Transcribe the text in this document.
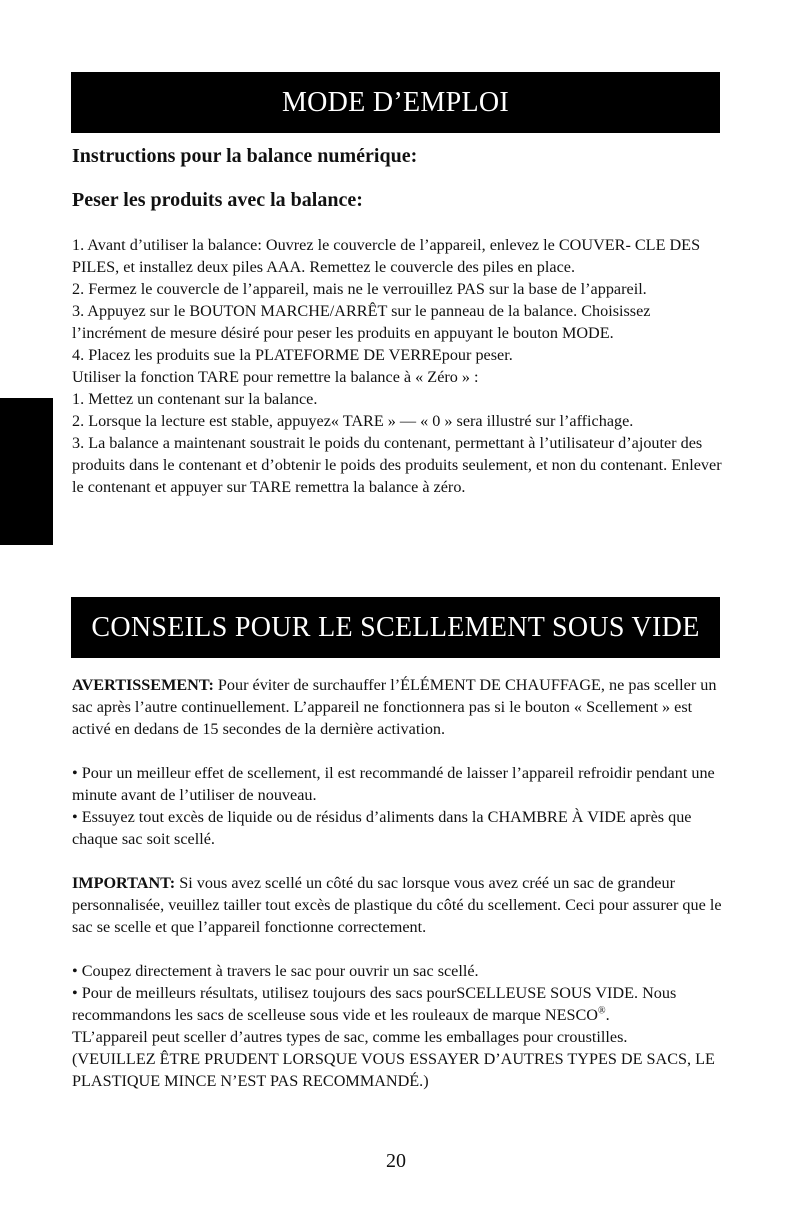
MODE D’EMPLOI
Instructions pour la balance numérique:
Peser les produits avec la balance:

1. Avant d’utiliser la balance: Ouvrez le couvercle de l’appareil, enlevez le COUVER- CLE DES PILES, et installez deux piles AAA. Remettez le couvercle des piles en place.

2. Fermez le couvercle de l’appareil, mais ne le verrouillez PAS sur la base de l’appareil.

3. Appuyez sur le BOUTON MARCHE/ARRÊT sur le panneau de la balance. Choisissez l’incrément de mesure désiré pour peser les produits en appuyant le bouton MODE.

4. Placez les produits sue la PLATEFORME DE VERREpour peser.

Utiliser la fonction TARE pour remettre la balance à « Zéro » :

1. Mettez un contenant sur la balance.

2. Lorsque la lecture est stable, appuyez« TARE » — « 0 » sera illustré sur l’affichage.

3. La balance a maintenant soustrait le poids du contenant, permettant à l’utilisateur d’ajouter des produits dans le contenant et d’obtenir le poids des produits seulement, et non du contenant. Enlever le contenant et appuyer sur TARE remettra la balance à zéro.

CONSEILS POUR LE SCELLEMENT SOUS VIDE

AVERTISSEMENT: Pour éviter de surchauffer l’ÉLÉMENT DE CHAUFFAGE, ne pas sceller un sac après l’autre continuellement. L’appareil ne fonctionnera pas si le bouton « Scellement » est activé en dedans de 15 secondes de la dernière activation.

• Pour un meilleur effet de scellement, il est recommandé de laisser l’appareil refroidir pendant une minute avant de l’utiliser de nouveau.

• Essuyez tout excès de liquide ou de résidus d’aliments dans la CHAMBRE À VIDE après que chaque sac soit scellé.

IMPORTANT: Si vous avez scellé un côté du sac lorsque vous avez créé un sac de grandeur personnalisée, veuillez tailler tout excès de plastique du côté du scellement. Ceci pour assurer que le sac se scelle et que l’appareil fonctionne correctement.

• Coupez directement à travers le sac pour ouvrir un sac scellé.

• Pour de meilleurs résultats, utilisez toujours des sacs pourSCELLEUSE SOUS VIDE. Nous recommandons les sacs de scelleuse sous vide et les rouleaux de marque NESCO®.

TL’appareil peut sceller d’autres types de sac, comme les emballages pour croustilles.

(VEUILLEZ ÊTRE PRUDENT LORSQUE VOUS ESSAYER D’AUTRES TYPES DE SACS, LE PLASTIQUE MINCE N’EST PAS RECOMMANDÉ.)

20
